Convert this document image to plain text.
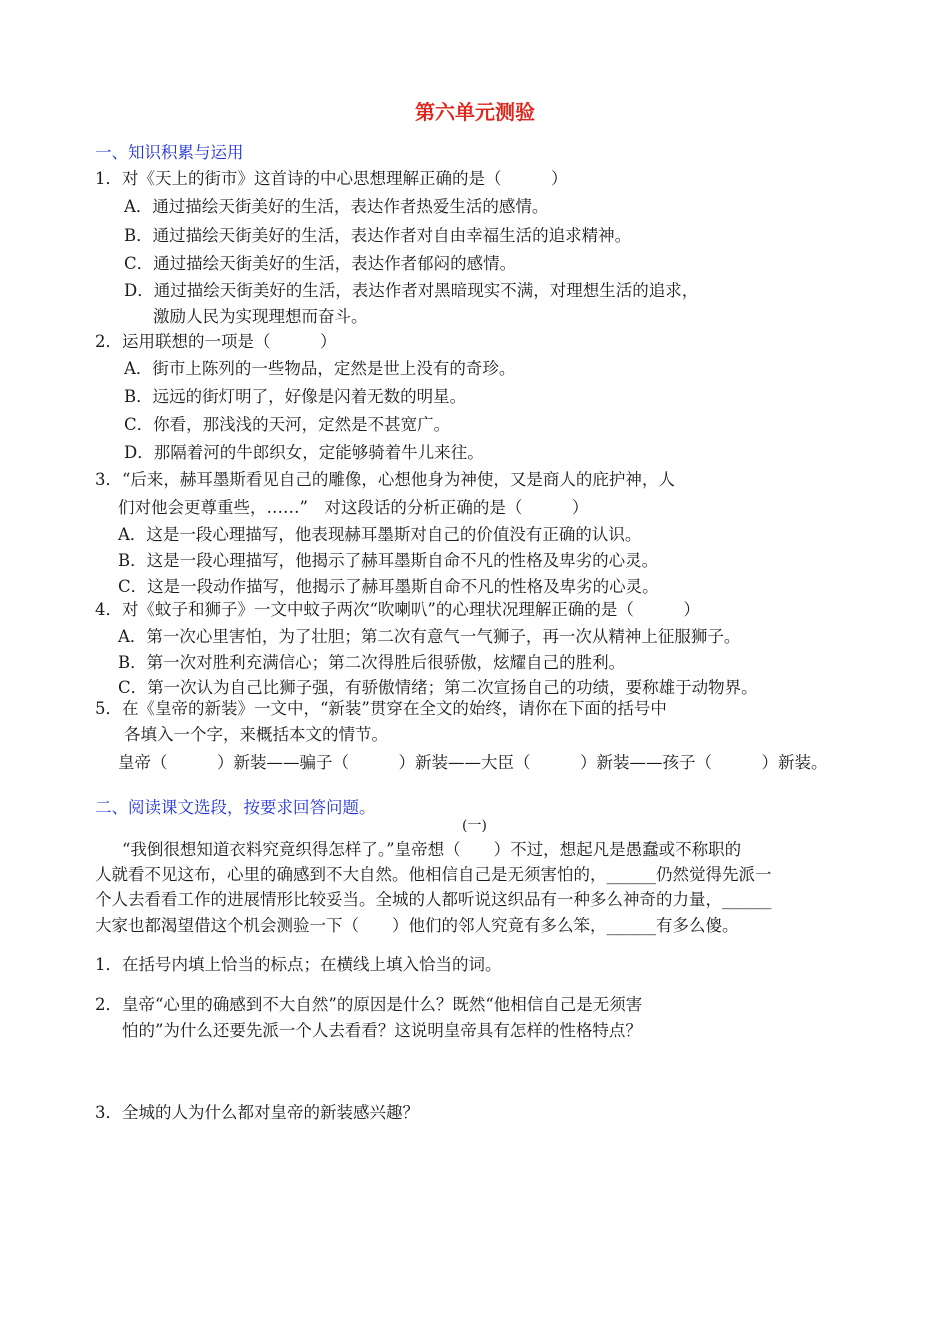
第六单元测验
一、知识积累与运用
1．对《天上的街市》这首诗的中心思想理解正确的是（　　　）
A．通过描绘天街美好的生活，表达作者热爱生活的感情。
B．通过描绘天街美好的生活，表达作者对自由幸福生活的追求精神。
C．通过描绘天街美好的生活，表达作者郁闷的感情。
D．通过描绘天街美好的生活，表达作者对黑暗现实不满，对理想生活的追求，
激励人民为实现理想而奋斗。
2．运用联想的一项是（　　　）
A．街市上陈列的一些物品，定然是世上没有的奇珍。
B．远远的街灯明了，好像是闪着无数的明星。
C．你看，那浅浅的天河，定然是不甚宽广。
D．那隔着河的牛郎织女，定能够骑着牛儿来往。
3．“后来，赫耳墨斯看见自己的雕像，心想他身为神使，又是商人的庇护神，人
们对他会更尊重些，……”　对这段话的分析正确的是（　　　）
A．这是一段心理描写，他表现赫耳墨斯对自己的价值没有正确的认识。
B．这是一段心理描写，他揭示了赫耳墨斯自命不凡的性格及卑劣的心灵。
C．这是一段动作描写，他揭示了赫耳墨斯自命不凡的性格及卑劣的心灵。
4．对《蚊子和狮子》一文中蚊子两次“吹喇叭”的心理状况理解正确的是（　　　）
A．第一次心里害怕，为了壮胆；第二次有意气一气狮子，再一次从精神上征服狮子。
B．第一次对胜利充满信心；第二次得胜后很骄傲，炫耀自己的胜利。
C．第一次认为自己比狮子强，有骄傲情绪；第二次宣扬自己的功绩，要称雄于动物界。
5．在《皇帝的新装》一文中，“新装”贯穿在全文的始终，请你在下面的括号中
各填入一个字，来概括本文的情节。
皇帝（　　　）新装——骗子（　　　）新装——大臣（　　　）新装——孩子（　　　）新装。
二、阅读课文选段，按要求回答问题。
(一)
“我倒很想知道衣料究竟织得怎样了。”皇帝想（　　）不过，想起凡是愚蠢或不称职的
人就看不见这布，心里的确感到不大自然。他相信自己是无须害怕的，______仍然觉得先派一
个人去看看工作的进展情形比较妥当。全城的人都听说这织品有一种多么神奇的力量，______
大家也都渴望借这个机会测验一下（　　）他们的邻人究竟有多么笨，______有多么傻。
1．在括号内填上恰当的标点；在横线上填入恰当的词。
2．皇帝“心里的确感到不大自然”的原因是什么？既然“他相信自己是无须害
怕的”为什么还要先派一个人去看看？这说明皇帝具有怎样的性格特点？
3．全城的人为什么都对皇帝的新装感兴趣？
